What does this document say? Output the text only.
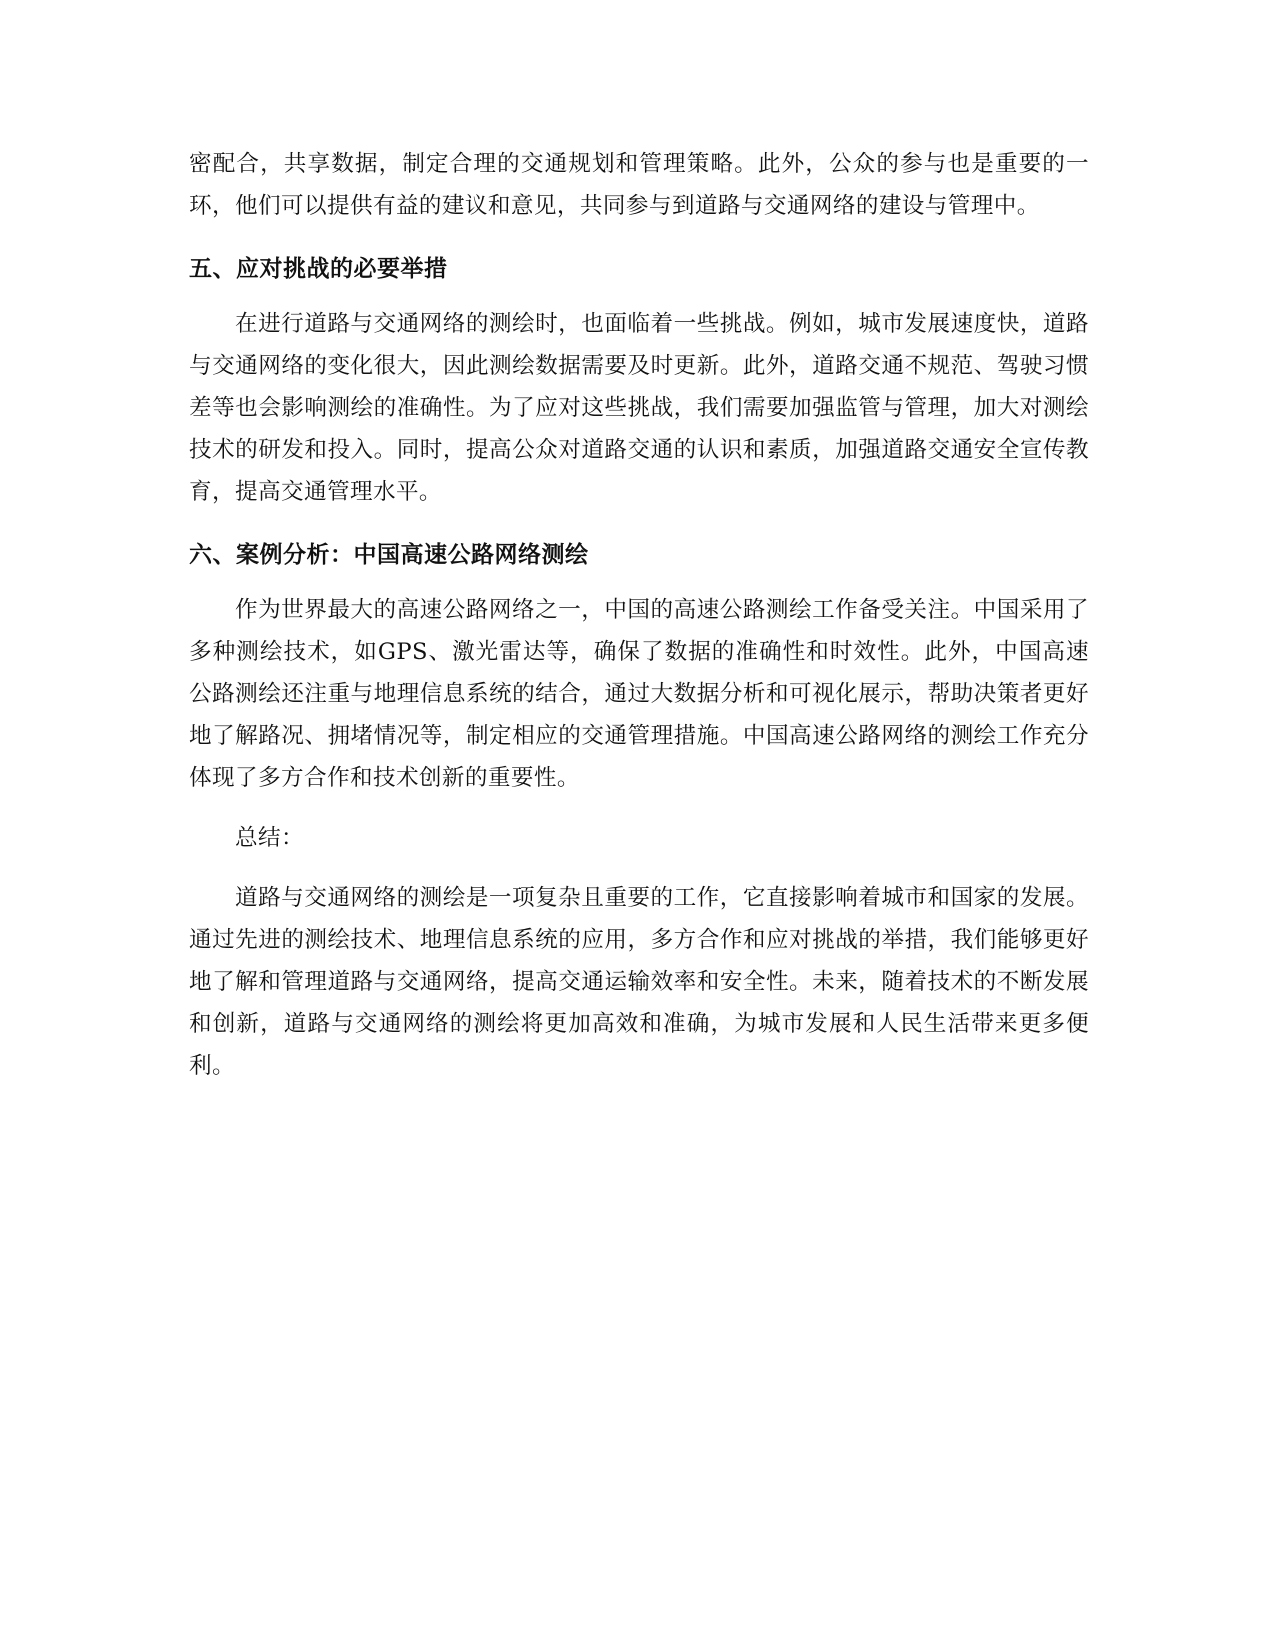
密配合，共享数据，制定合理的交通规划和管理策略。此外，公众的参与也是重要的一环，他们可以提供有益的建议和意见，共同参与到道路与交通网络的建设与管理中。

五、应对挑战的必要举措

在进行道路与交通网络的测绘时，也面临着一些挑战。例如，城市发展速度快，道路与交通网络的变化很大，因此测绘数据需要及时更新。此外，道路交通不规范、驾驶习惯差等也会影响测绘的准确性。为了应对这些挑战，我们需要加强监管与管理，加大对测绘技术的研发和投入。同时，提高公众对道路交通的认识和素质，加强道路交通安全宣传教育，提高交通管理水平。

六、案例分析：中国高速公路网络测绘

作为世界最大的高速公路网络之一，中国的高速公路测绘工作备受关注。中国采用了多种测绘技术，如GPS、激光雷达等，确保了数据的准确性和时效性。此外，中国高速公路测绘还注重与地理信息系统的结合，通过大数据分析和可视化展示，帮助决策者更好地了解路况、拥堵情况等，制定相应的交通管理措施。中国高速公路网络的测绘工作充分体现了多方合作和技术创新的重要性。

总结：

道路与交通网络的测绘是一项复杂且重要的工作，它直接影响着城市和国家的发展。通过先进的测绘技术、地理信息系统的应用，多方合作和应对挑战的举措，我们能够更好地了解和管理道路与交通网络，提高交通运输效率和安全性。未来，随着技术的不断发展和创新，道路与交通网络的测绘将更加高效和准确，为城市发展和人民生活带来更多便利。
